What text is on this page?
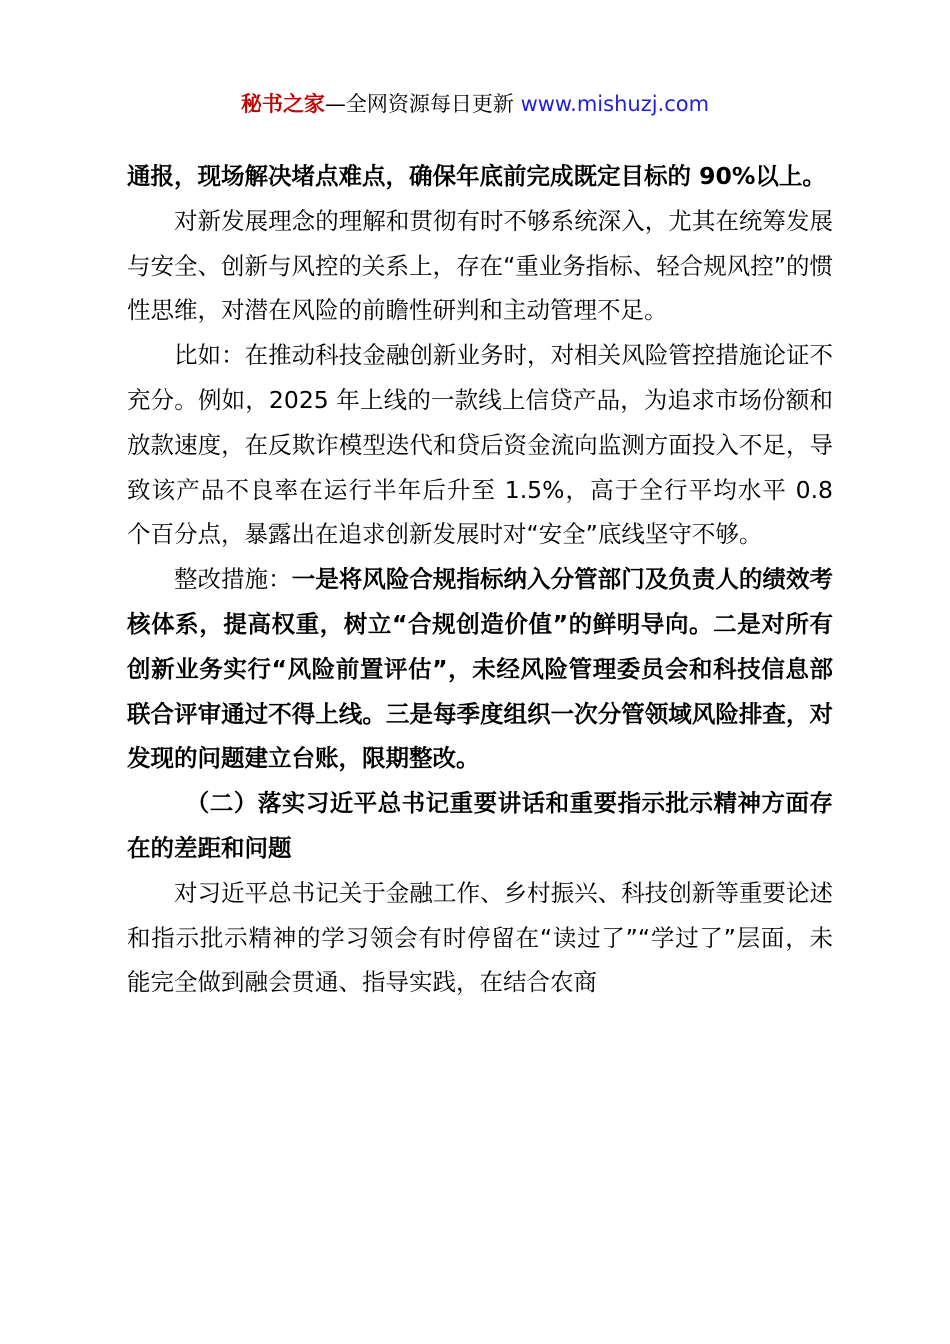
秘书之家—全网资源每日更新 www.mishuzj.com

通报，现场解决堵点难点，确保年底前完成既定目标的 90%以上。

对新发展理念的理解和贯彻有时不够系统深入，尤其在统筹发展与安全、创新与风控的关系上，存在“重业务指标、轻合规风控”的惯性思维，对潜在风险的前瞻性研判和主动管理不足。

比如：在推动科技金融创新业务时，对相关风险管控措施论证不充分。例如，2025 年上线的一款线上信贷产品，为追求市场份额和放款速度，在反欺诈模型迭代和贷后资金流向监测方面投入不足，导致该产品不良率在运行半年后升至 1.5%，高于全行平均水平 0.8 个百分点，暴露出在追求创新发展时对“安全”底线坚守不够。

整改措施：一是将风险合规指标纳入分管部门及负责人的绩效考核体系，提高权重，树立“合规创造价值”的鲜明导向。二是对所有创新业务实行“风险前置评估”，未经风险管理委员会和科技信息部联合评审通过不得上线。三是每季度组织一次分管领域风险排查，对发现的问题建立台账，限期整改。

（二）落实习近平总书记重要讲话和重要指示批示精神方面存在的差距和问题

对习近平总书记关于金融工作、乡村振兴、科技创新等重要论述和指示批示精神的学习领会有时停留在“读过了”“学过了”层面，未能完全做到融会贯通、指导实践，在结合农商
